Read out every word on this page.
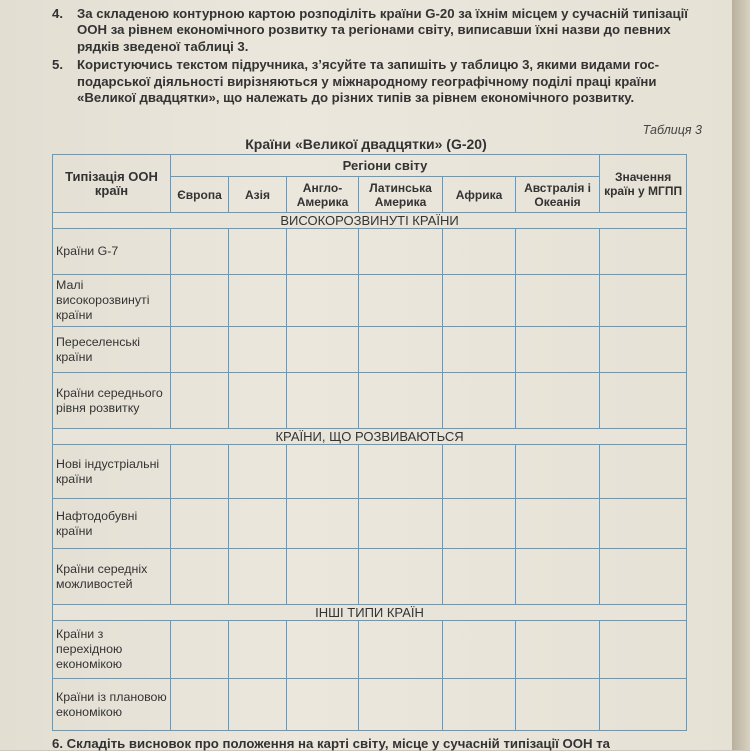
4. За складеною контурною картою розподіліть країни G-20 за їхнім місцем у сучасній типізації ООН за рівнем економічного розвитку та регіонами світу, виписавши їхні назви до певних рядків зведеної таблиці 3.
5. Користуючись текстом підручника, з’ясуйте та запишіть у таблицю 3, якими видами гос-подарської діяльності вирізняються у міжнародному географічному поділі праці країни «Великої двадцятки», що належать до різних типів за рівнем економічного розвитку.
Таблиця 3
Країни «Великої двадцятки» (G-20)
Типізація ООН країн	Регіони світу						Значення країн у МГПП
	Європа	Азія	Англо-Америка	Латинська Америка	Африка	Австралія і Океанія	
ВИСОКОРОЗВИНУТІ КРАЇНИ							
Країни G-7							
Малі високорозвинуті країни							
Переселенські країни							
Країни середнього рівня розвитку							
КРАЇНИ, ЩО РОЗВИВАЮТЬСЯ							
Нові індустріальні країни							
Нафтодобувні країни							
Країни середніх можливостей							
ІНШІ ТИПИ КРАЇН							
Країни з перехідною економікою							
Країни із плановою економікою							
6. Складіть висновок про положення на карті світу, місце у сучасній типізації ООН та
